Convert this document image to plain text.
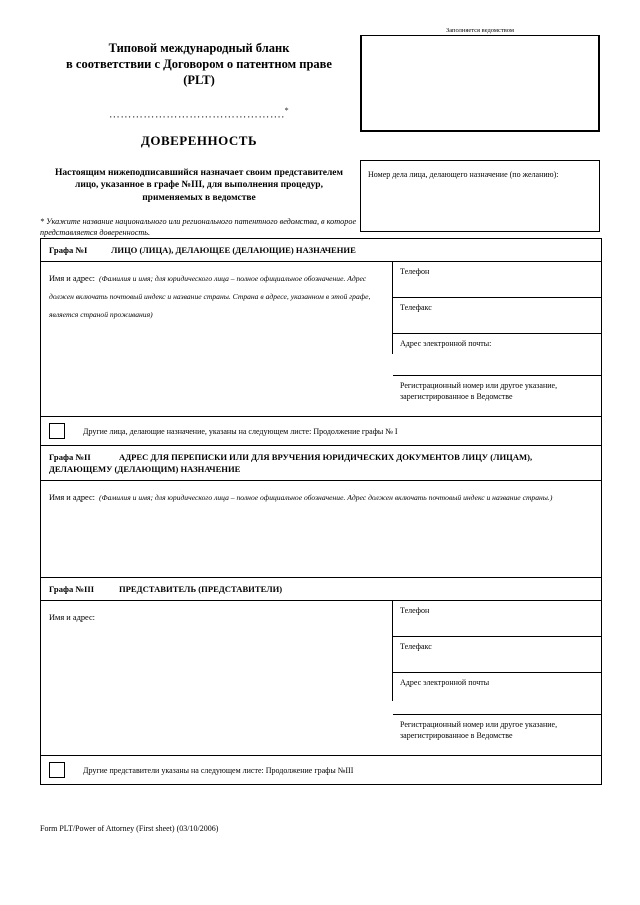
Типовой международный бланк
в соответствии с Договором о патентном праве
(PLT)
……………………………………….*
ДОВЕРЕННОСТЬ
Настоящим нижеподписавшийся назначает своим представителем лицо, указанное в графе №III, для выполнения процедур, применяемых в ведомстве
* Укажите название национального или регионального патентного ведомства, в которое представляется доверенность.
Заполняется ведомством
Номер дела лица, делающего назначение (по желанию):
Графа №I	ЛИЦО (ЛИЦА), ДЕЛАЮЩЕЕ (ДЕЛАЮЩИЕ) НАЗНАЧЕНИЕ
Имя и адрес: (Фамилия и имя; для юридического лица – полное официальное обозначение. Адрес должен включать почтовый индекс и название страны. Страна в адресе, указанном в этой графе, является страной проживания)
Телефон
Телефакс
Адрес электронной почты:
Регистрационный номер или другое указание, зарегистрированное в Ведомстве
Другие лица, делающие назначение, указаны на следующем листе: Продолжение графы № I
Графа №II	АДРЕС ДЛЯ ПЕРЕПИСКИ ИЛИ ДЛЯ ВРУЧЕНИЯ ЮРИДИЧЕСКИХ ДОКУМЕНТОВ ЛИЦУ (ЛИЦАМ), ДЕЛАЮЩЕМУ (ДЕЛАЮЩИМ) НАЗНАЧЕНИЕ
Имя и адрес: (Фамилия и имя; для юридического лица – полное официальное обозначение. Адрес должен включать почтовый индекс и название страны.)
Графа №III	ПРЕДСТАВИТЕЛЬ (ПРЕДСТАВИТЕЛИ)
Имя и адрес:
Телефон
Телефакс
Адрес электронной почты
Регистрационный номер или другое указание, зарегистрированное в Ведомстве
Другие представители указаны на следующем листе: Продолжение графы №III
Form PLT/Power of Attorney (First sheet) (03/10/2006)
